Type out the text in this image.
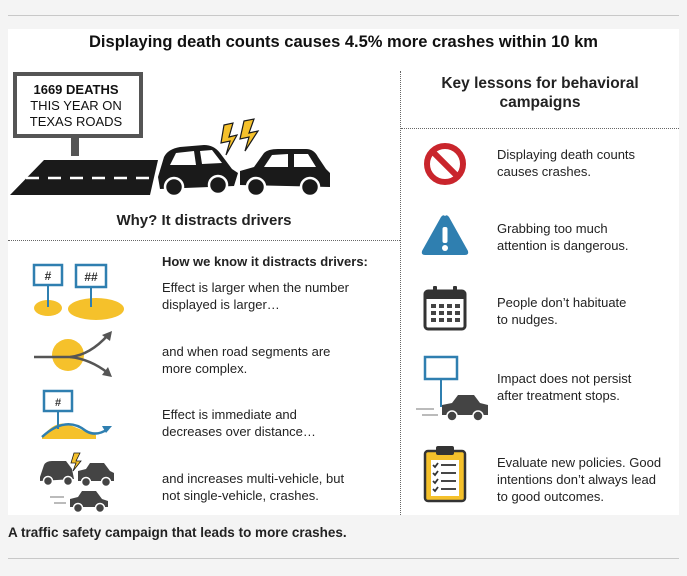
Displaying death counts causes 4.5% more crashes within 10 km
1669 DEATHS
THIS YEAR ON
TEXAS ROADS
Why? It distracts drivers
How we know it distracts drivers:
#	##
#
Effect is larger when the number
displayed is larger…
and when road segments are
more complex.
Effect is immediate and
decreases over distance…
and increases multi-vehicle, but
not single-vehicle, crashes.
Key lessons for behavioral
campaigns
Displaying death counts
causes crashes.
Grabbing too much
attention is dangerous.
People don’t habituate
to nudges.
Impact does not persist
after treatment stops.
Evaluate new policies. Good
intentions don’t always lead
to good outcomes.
A traffic safety campaign that leads to more crashes.
